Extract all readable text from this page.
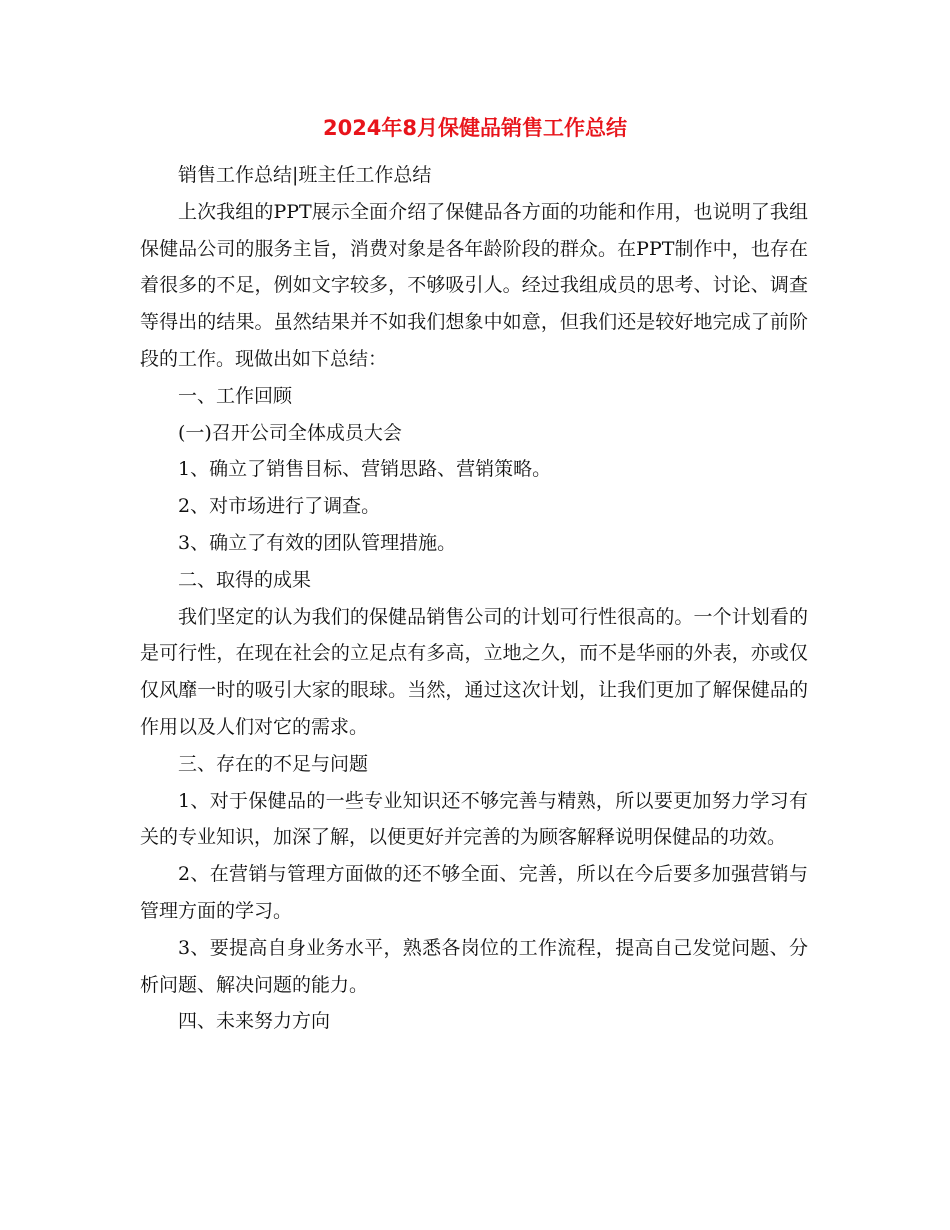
2024年8月保健品销售工作总结

销售工作总结|班主任工作总结

上次我组的PPT展示全面介绍了保健品各方面的功能和作用，也说明了我组保健品公司的服务主旨，消费对象是各年龄阶段的群众。在PPT制作中，也存在着很多的不足，例如文字较多，不够吸引人。经过我组成员的思考、讨论、调查等得出的结果。虽然结果并不如我们想象中如意，但我们还是较好地完成了前阶段的工作。现做出如下总结：

一、工作回顾

(一)召开公司全体成员大会

1、确立了销售目标、营销思路、营销策略。

2、对市场进行了调查。

3、确立了有效的团队管理措施。

二、取得的成果

我们坚定的认为我们的保健品销售公司的计划可行性很高的。一个计划看的是可行性，在现在社会的立足点有多高，立地之久，而不是华丽的外表，亦或仅仅风靡一时的吸引大家的眼球。当然，通过这次计划，让我们更加了解保健品的作用以及人们对它的需求。

三、存在的不足与问题

1、对于保健品的一些专业知识还不够完善与精熟，所以要更加努力学习有关的专业知识，加深了解，以便更好并完善的为顾客解释说明保健品的功效。

2、在营销与管理方面做的还不够全面、完善，所以在今后要多加强营销与管理方面的学习。

3、要提高自身业务水平，熟悉各岗位的工作流程，提高自己发觉问题、分析问题、解决问题的能力。

四、未来努力方向
